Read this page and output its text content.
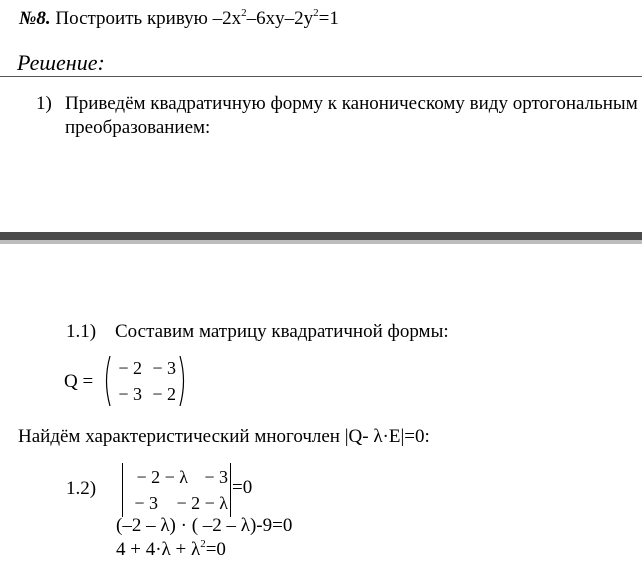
№8. Построить кривую $-2x^2-6xy-2y^2=1$
Решение:
1) Приведём квадратичную форму к каноническому виду ортогональным
преобразованием:
1.1) Составим матрицу квадратичной формы:
Q =
− 2 − 3
− 3 − 2
Найдём характеристический многочлен |Q- λ·E|=0:
1.2)
− 2 − λ − 3
− 3	− 2 − λ
=0
(–2 – λ) · ( –2 – λ)-9=0
$4 + 4\cdot\lambda + \lambda^2=0$
